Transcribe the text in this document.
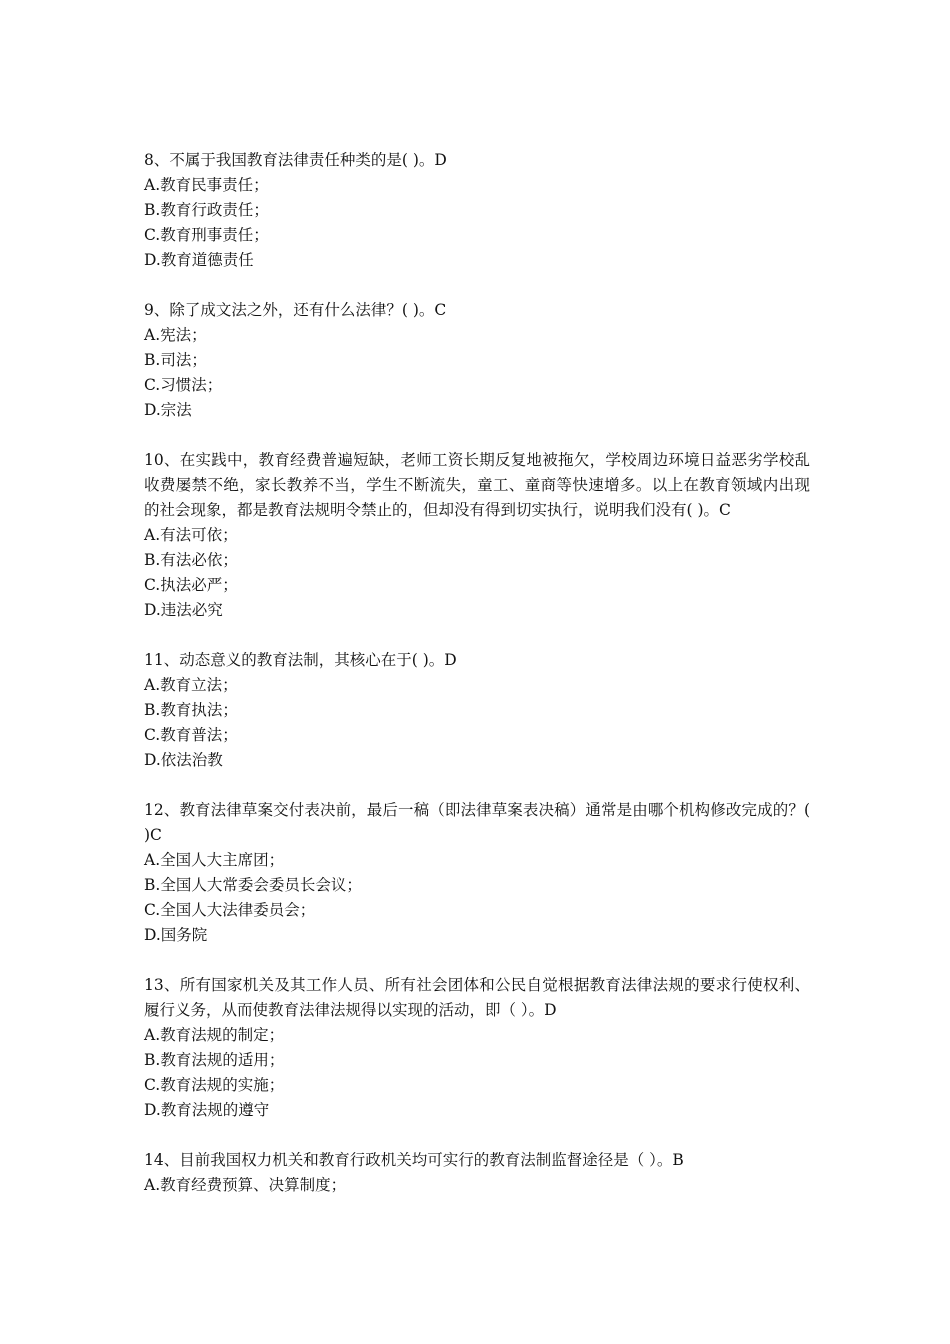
8、不属于我国教育法律责任种类的是( )。D

A.教育民事责任；

B.教育行政责任；

C.教育刑事责任；

D.教育道德责任

9、除了成文法之外，还有什么法律？( )。C

A.宪法；

B.司法；

C.习惯法；

D.宗法

10、在实践中，教育经费普遍短缺，老师工资长期反复地被拖欠，学校周边环境日益恶劣学校乱收费屡禁不绝，家长教养不当，学生不断流失，童工、童商等快速增多。以上在教育领域内出现的社会现象，都是教育法规明令禁止的，但却没有得到切实执行，说明我们没有( )。C

A.有法可依；

B.有法必依；

C.执法必严；

D.违法必究

11、动态意义的教育法制，其核心在于( )。D

A.教育立法；

B.教育执法；

C.教育普法；

D.依法治教

12、教育法律草案交付表决前，最后一稿（即法律草案表决稿）通常是由哪个机构修改完成的？( )C

A.全国人大主席团；

B.全国人大常委会委员长会议；

C.全国人大法律委员会；

D.国务院

13、所有国家机关及其工作人员、所有社会团体和公民自觉根据教育法律法规的要求行使权利、履行义务，从而使教育法律法规得以实现的活动，即（ ）。D

A.教育法规的制定；

B.教育法规的适用；

C.教育法规的实施；

D.教育法规的遵守

14、目前我国权力机关和教育行政机关均可实行的教育法制监督途径是（ ）。B

A.教育经费预算、决算制度；
